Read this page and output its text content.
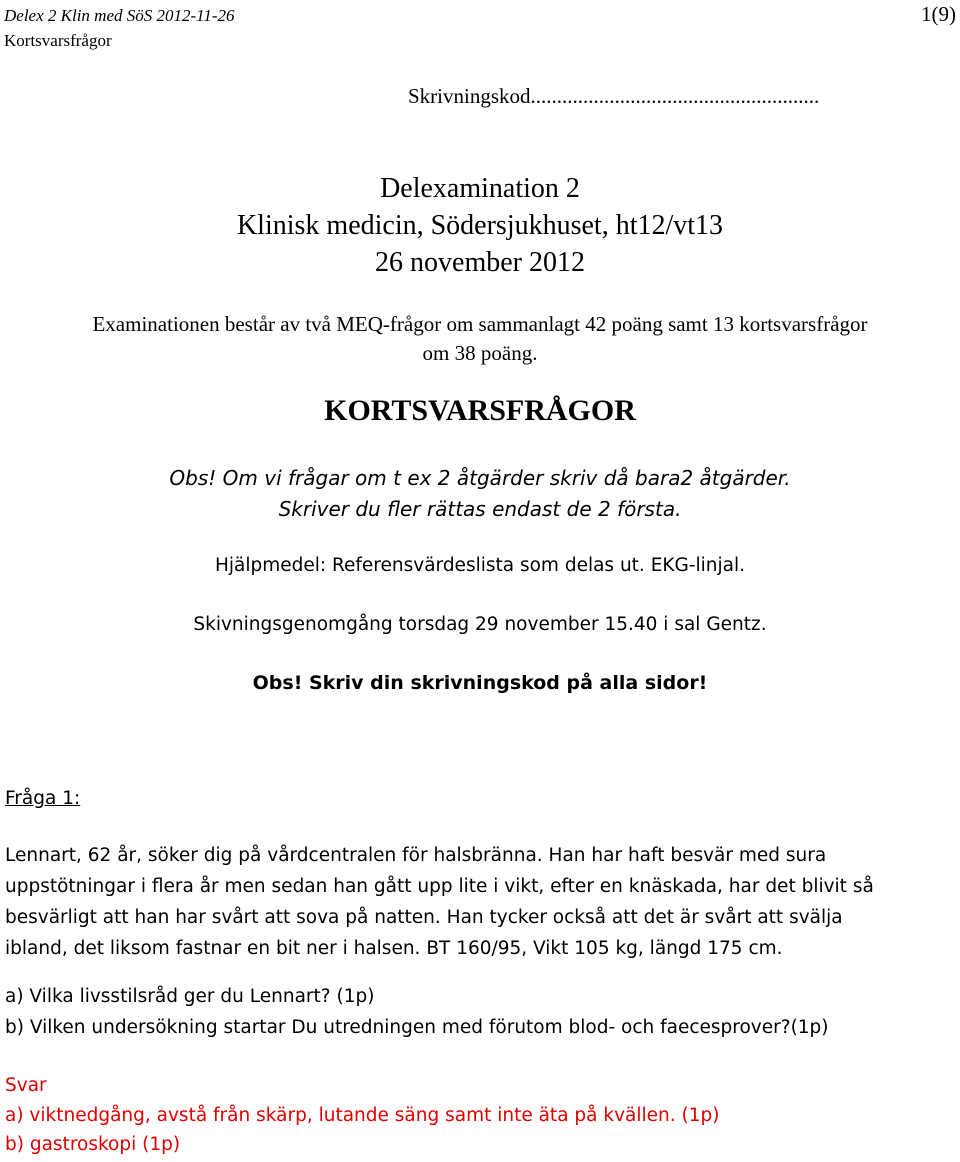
Delex 2 Klin med SöS 2012-11-26
Kortsvarsfrågor
1(9)
Skrivningskod.......................................................
Delexamination 2
Klinisk medicin, Södersjukhuset, ht12/vt13
26 november 2012
Examinationen består av två MEQ-frågor om sammanlagt 42 poäng samt 13 kortsvarsfrågor
om 38 poäng.
KORTSVARSFRÅGOR
Obs! Om vi frågar om t ex 2 åtgärder skriv då bara2 åtgärder.
Skriver du fler rättas endast de 2 första.
Hjälpmedel: Referensvärdeslista som delas ut. EKG-linjal.
Skivningsgenomgång torsdag 29 november 15.40 i sal Gentz.
Obs! Skriv din skrivningskod på alla sidor!
Fråga 1:
Lennart, 62 år, söker dig på vårdcentralen för halsbränna. Han har haft besvär med sura
uppstötningar i flera år men sedan han gått upp lite i vikt, efter en knäskada, har det blivit så
besvärligt att han har svårt att sova på natten. Han tycker också att det är svårt att svälja
ibland, det liksom fastnar en bit ner i halsen. BT 160/95, Vikt 105 kg, längd 175 cm.
a) Vilka livsstilsråd ger du Lennart? (1p)
b) Vilken undersökning startar Du utredningen med förutom blod- och faecesprover?(1p)
Svar
a) viktnedgång, avstå från skärp, lutande säng samt inte äta på kvällen. (1p)
b) gastroskopi (1p)
